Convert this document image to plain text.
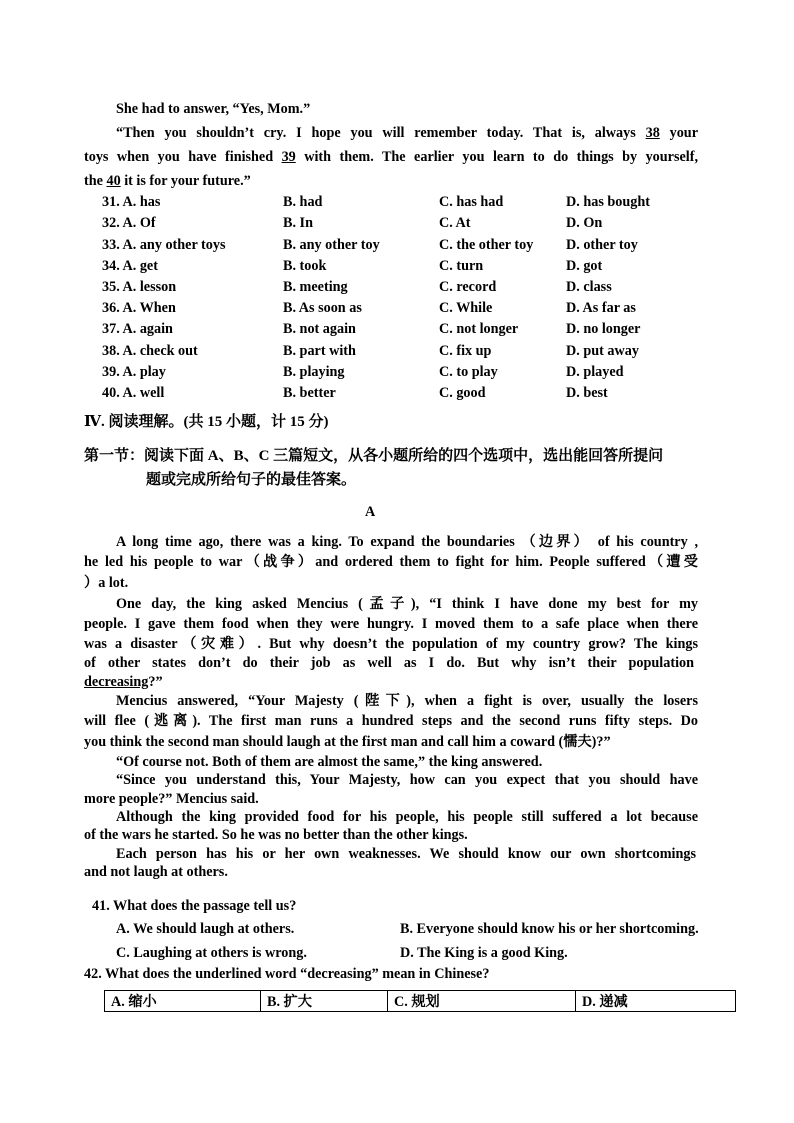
She had to answer, “Yes, Mom.”
“Then you shouldn’t cry. I hope you will remember today. That is, always 38 your
toys when you have finished 39 with them. The earlier you learn to do things by yourself,
the 40 it is for your future.”
31. A. has	B. had	C. has had	D. has bought
32. A. Of	B. In	C. At	D. On
33. A. any other toys	B. any other toy	C. the other toy D. other toy
34. A. get	B. took	C. turn	D. got
35. A. lesson	B. meeting	C. record	D. class
36. A. When	B. As soon as	C. While	D. As far as
37. A. again	B. not again	C. not longer	D. no longer
38. A. check out	B. part with	C. fix up	D. put away
39. A. play	B. playing	C. to play	D. played
40. A. well	B. better	C. good	D. best
Ⅳ. 阅读理解。(共 15 小题，计 15 分)
第一节：阅读下面 A、B、C 三篇短文，从各小题所给的四个选项中，选出能回答所提问
题或完成所给句子的最佳答案。
A
A long time ago, there was a king. To expand the boundaries （边界） of his country ,
he led his people to war（战争）and ordered them to fight for him. People suffered（遭受
）a lot.
One day, the king asked Mencius (孟子), “I think I have done my best for my
people. I gave them food when they were hungry. I moved them to a safe place when there
was a disaster（灾难）. But why doesn’t the population of my country grow? The kings
of other states don’t do their job as well as I do. But why isn’t their population
decreasing?”
Mencius answered, “Your Majesty (陛下), when a fight is over, usually the losers
will flee (逃离). The first man runs a hundred steps and the second runs fifty steps. Do
you think the second man should laugh at the first man and call him a coward (懦夫)?”
“Of course not. Both of them are almost the same,” the king answered.
“Since you understand this, Your Majesty, how can you expect that you should have
more people?” Mencius said.
Although the king provided food for his people, his people still suffered a lot because
of the wars he started. So he was no better than the other kings.
Each person has his or her own weaknesses. We should know our own shortcomings
and not laugh at others.
41. What does the passage tell us?
A. We should laugh at others.	B. Everyone should know his or her shortcoming.
C. Laughing at others is wrong.	D. The King is a good King.
42. What does the underlined word “decreasing” mean in Chinese?
A. 缩小	B. 扩大	C. 规划	D. 递减
